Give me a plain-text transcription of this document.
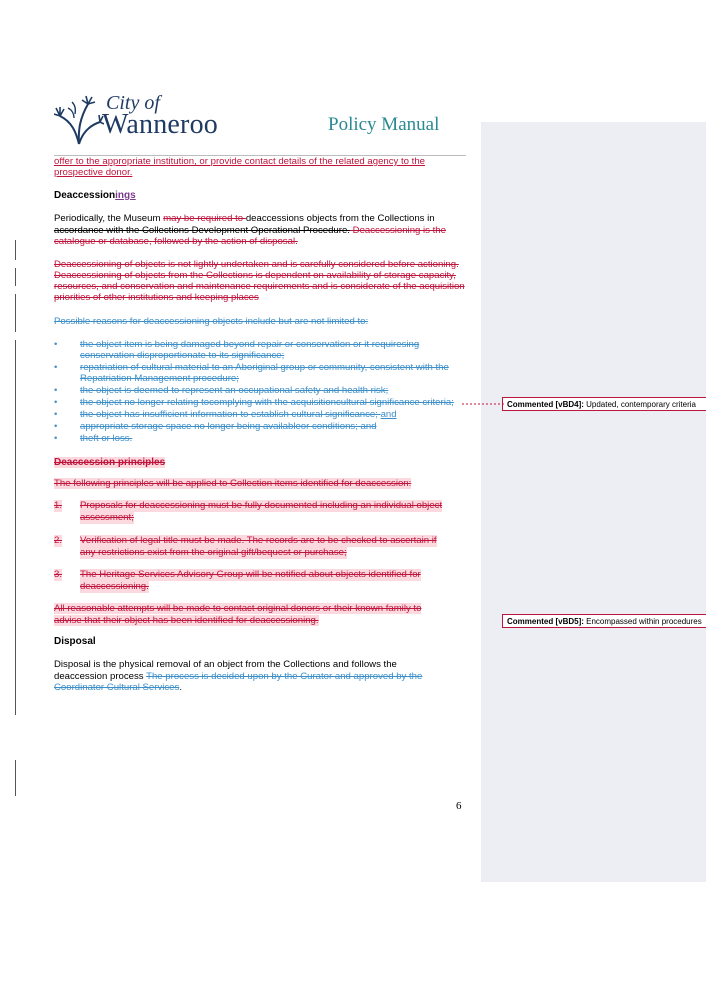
City of
Wanneroo	Policy Manual
Commented [vBD4]: Updated, contemporary criteria
Commented [vBD5]: Encompassed within procedures
offer to the appropriate institution, or provide contact details of the related agency to the
prospective donor.
Deaccessionings
Periodically, the Museum may be required to deaccessions objects from the Collections in
accordance with the Collections Development Operational Procedure. Deaccessioning is the
catalogue or database, followed by the action of disposal.
Deaccessioning of objects is not lightly undertaken and is carefully considered before actioning.
Deaccessioning of objects from the Collections is dependent on availability of storage capacity,
resources, and conservation and maintenance requirements and is considerate of the acquisition
priorities of other institutions and keeping places
Possible reasons for deaccessioning objects include but are not limited to:
• the object item is being damaged beyond repair or conservation or it requiresing
conservation disproportionate to its significance;
• repatriation of cultural material to an Aboriginal group or community, consistent with the
Repatriation Management procedure;
• the object is deemed to represent an occupational safety and health risk;
• the object no longer relating tocomplying with the acquisitioncultural significance criteria;
• the object has insufficient information to establish cultural significance; and
• appropriate storage space no longer being availableor conditions; and
• theft or loss.
Deaccession principles
The following principles will be applied to Collection items identified for deaccession:
1. Proposals for deaccessioning must be fully documented including an individual object
assessment;
2. Verification of legal title must be made. The records are to be checked to ascertain if
any restrictions exist from the original gift/bequest or purchase;
3. The Heritage Services Advisory Group will be notified about objects identified for
deaccessioning.
All reasonable attempts will be made to contact original donors or their known family to
advise that their object has been identified for deaccessioning.
Disposal
Disposal is the physical removal of an object from the Collections and follows the
deaccession process The process is decided upon by the Curator and approved by the
Coordinator Cultural Services.
6
